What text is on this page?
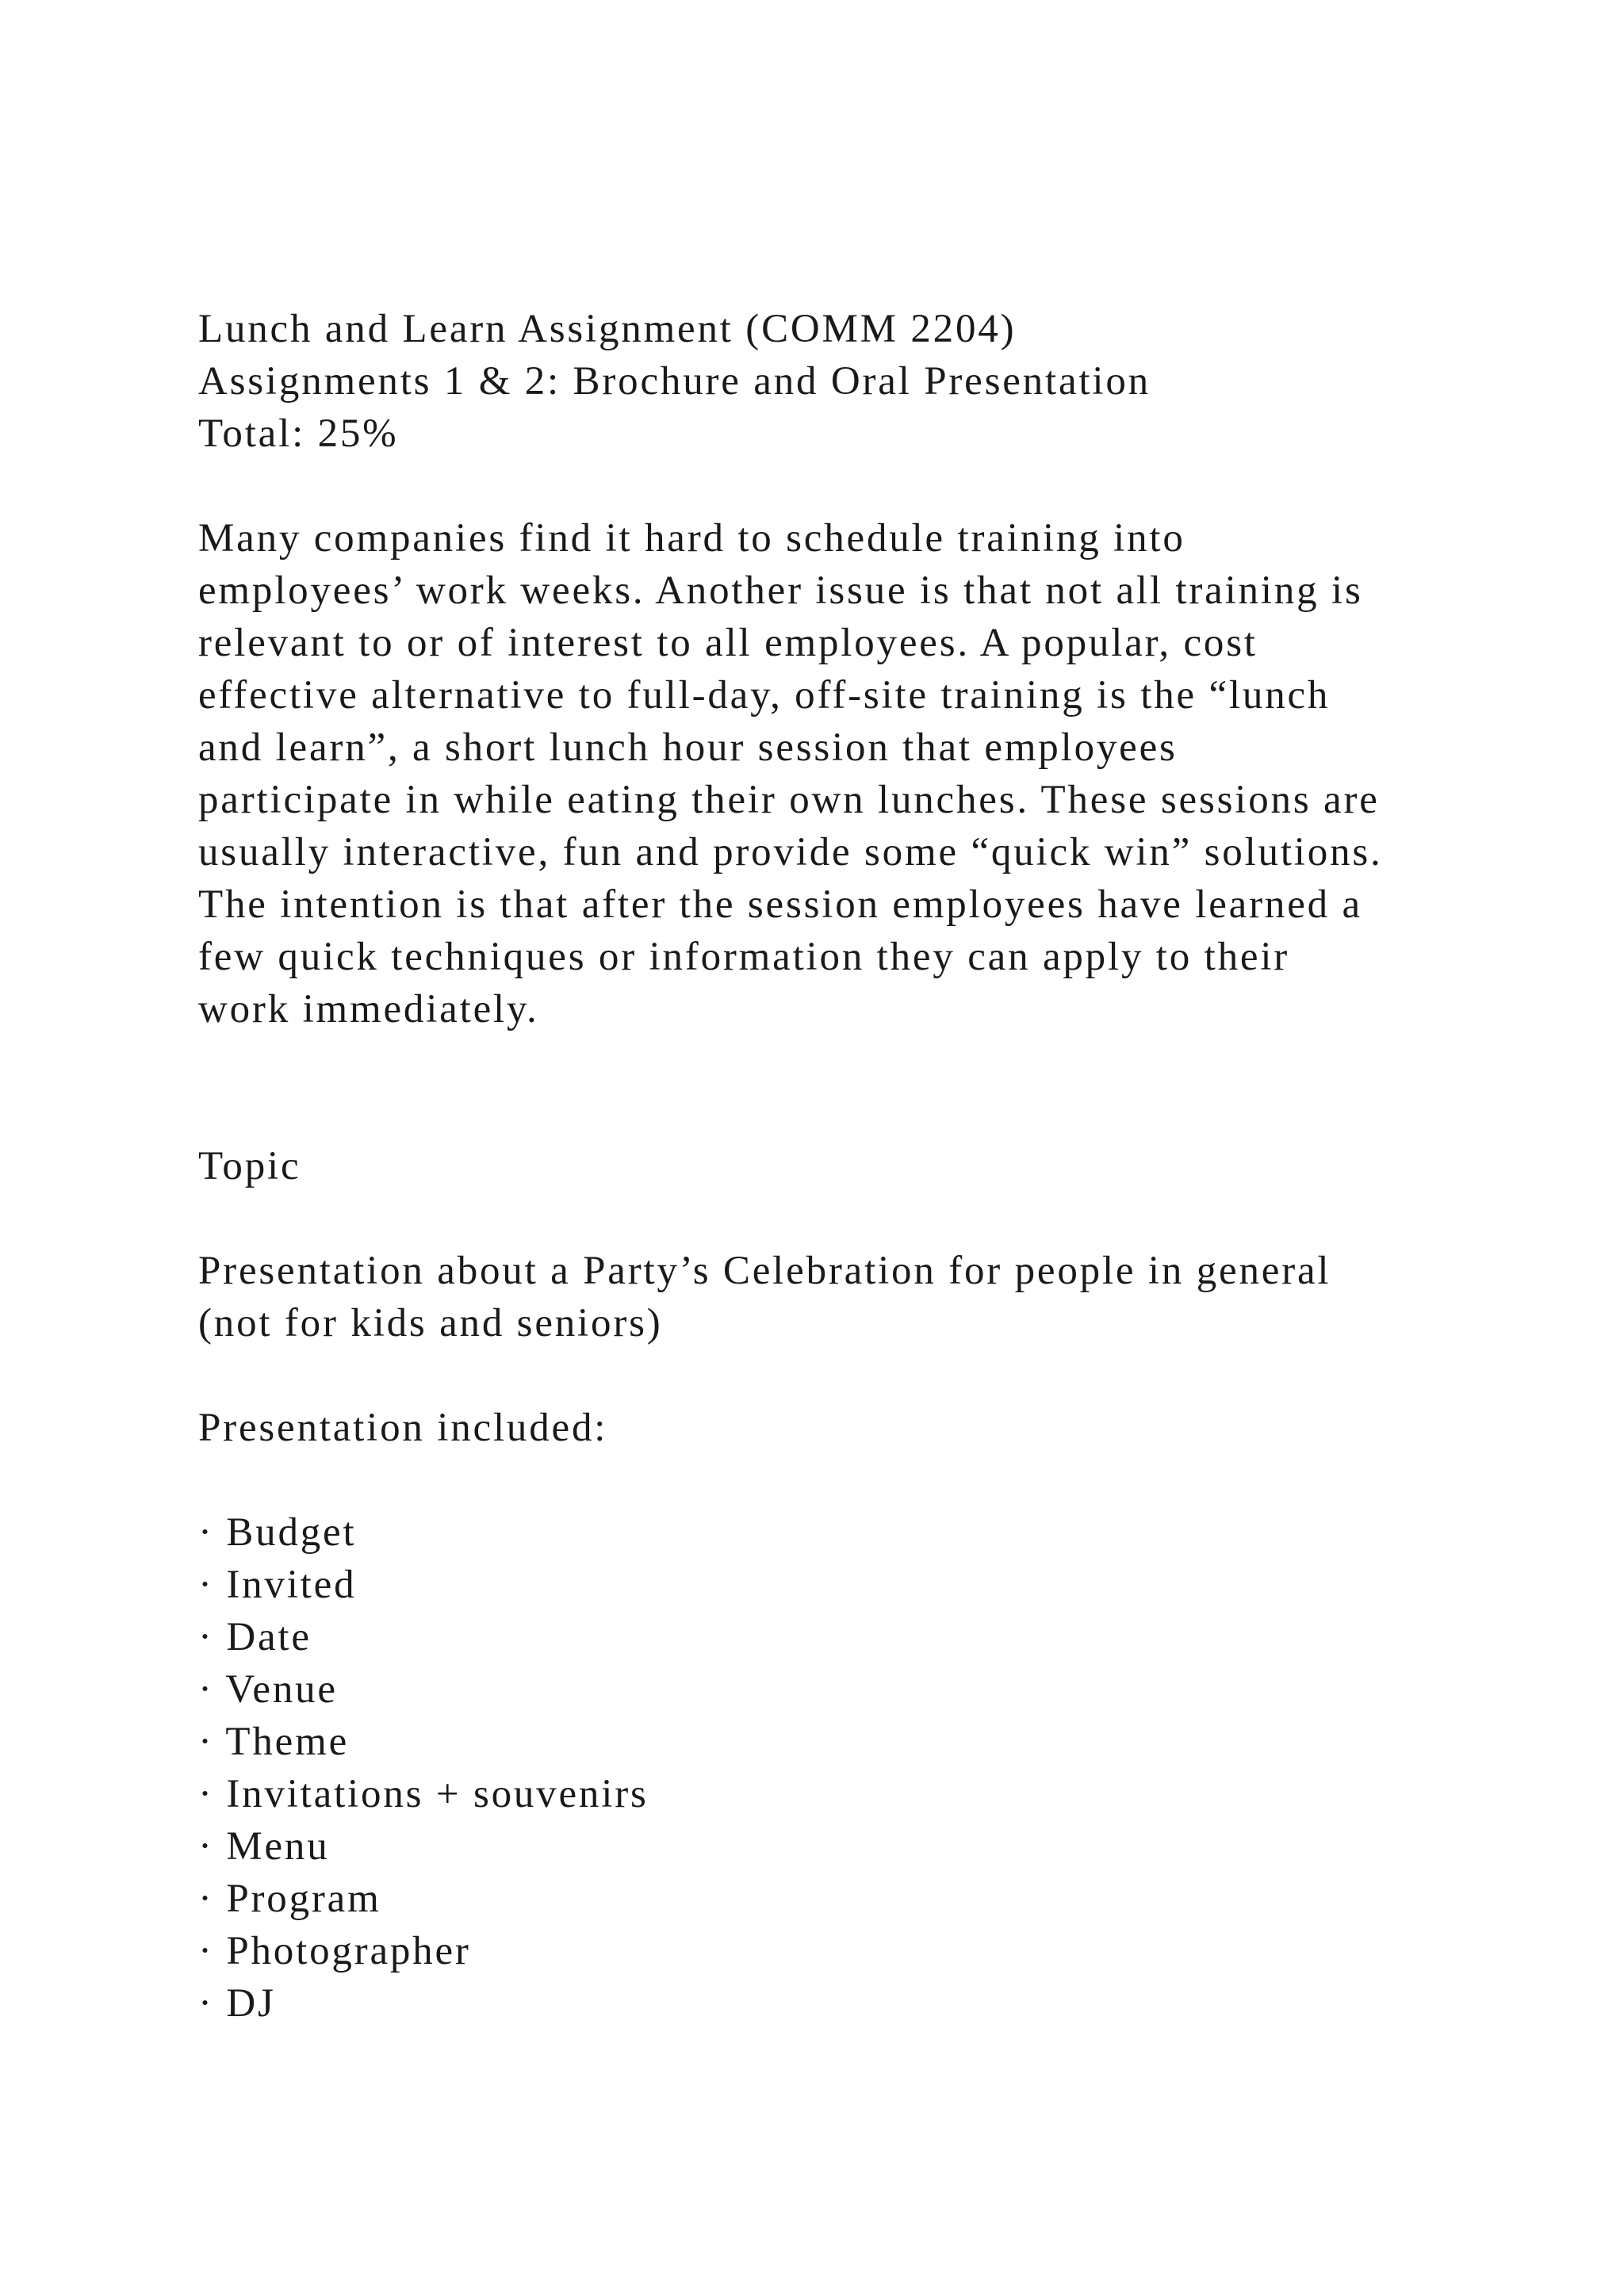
Lunch and Learn Assignment (COMM 2204)

Assignments 1 & 2: Brochure and Oral Presentation

Total: 25%

Many companies find it hard to schedule training into

employees’ work weeks. Another issue is that not all training is

relevant to or of interest to all employees. A popular, cost

effective alternative to full-day, off-site training is the “lunch

and learn”, a short lunch hour session that employees

participate in while eating their own lunches. These sessions are

usually interactive, fun and provide some “quick win” solutions.

The intention is that after the session employees have learned a

few quick techniques or information they can apply to their

work immediately.

Topic

Presentation about a Party’s Celebration for people in general

(not for kids and seniors)

Presentation included:

· Budget

· Invited

· Date

· Venue

· Theme

· Invitations + souvenirs

· Menu

· Program

· Photographer

· DJ
